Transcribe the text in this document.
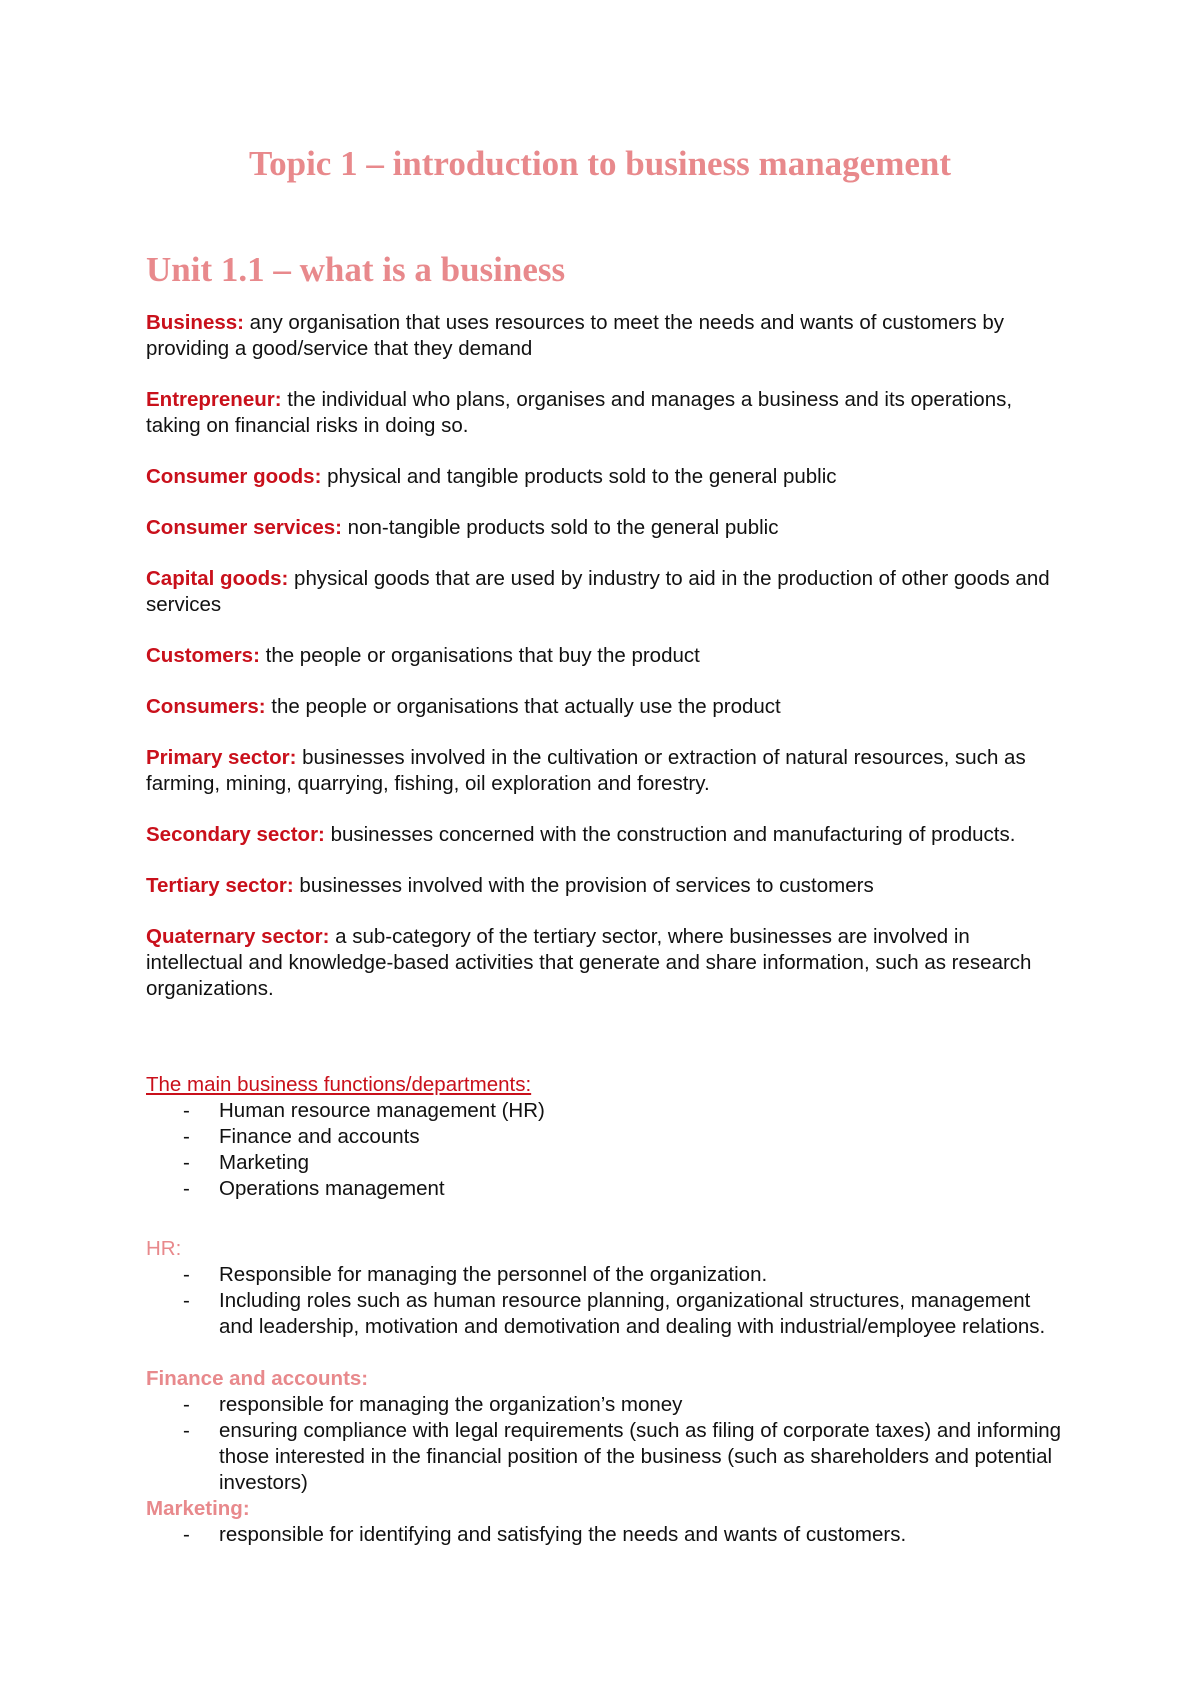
Topic 1 – introduction to business management
Unit 1.1 – what is a business

Business: any organisation that uses resources to meet the needs and wants of customers by providing a good/service that they demand

Entrepreneur: the individual who plans, organises and manages a business and its operations, taking on financial risks in doing so.

Consumer goods: physical and tangible products sold to the general public

Consumer services: non-tangible products sold to the general public

Capital goods: physical goods that are used by industry to aid in the production of other goods and services

Customers: the people or organisations that buy the product

Consumers: the people or organisations that actually use the product

Primary sector: businesses involved in the cultivation or extraction of natural resources, such as farming, mining, quarrying, fishing, oil exploration and forestry.

Secondary sector: businesses concerned with the construction and manufacturing of products.

Tertiary sector: businesses involved with the provision of services to customers

Quaternary sector: a sub-category of the tertiary sector, where businesses are involved in intellectual and knowledge-based activities that generate and share information, such as research organizations.

The main business functions/departments:

- Human resource management (HR)
- Finance and accounts
- Marketing
- Operations management

HR:

- Responsible for managing the personnel of the organization.
- Including roles such as human resource planning, organizational structures, management and leadership, motivation and demotivation and dealing with industrial/employee relations.

Finance and accounts:

- responsible for managing the organization’s money
- ensuring compliance with legal requirements (such as filing of corporate taxes) and informing those interested in the financial position of the business (such as shareholders and potential investors)

Marketing:

- responsible for identifying and satisfying the needs and wants of customers.
